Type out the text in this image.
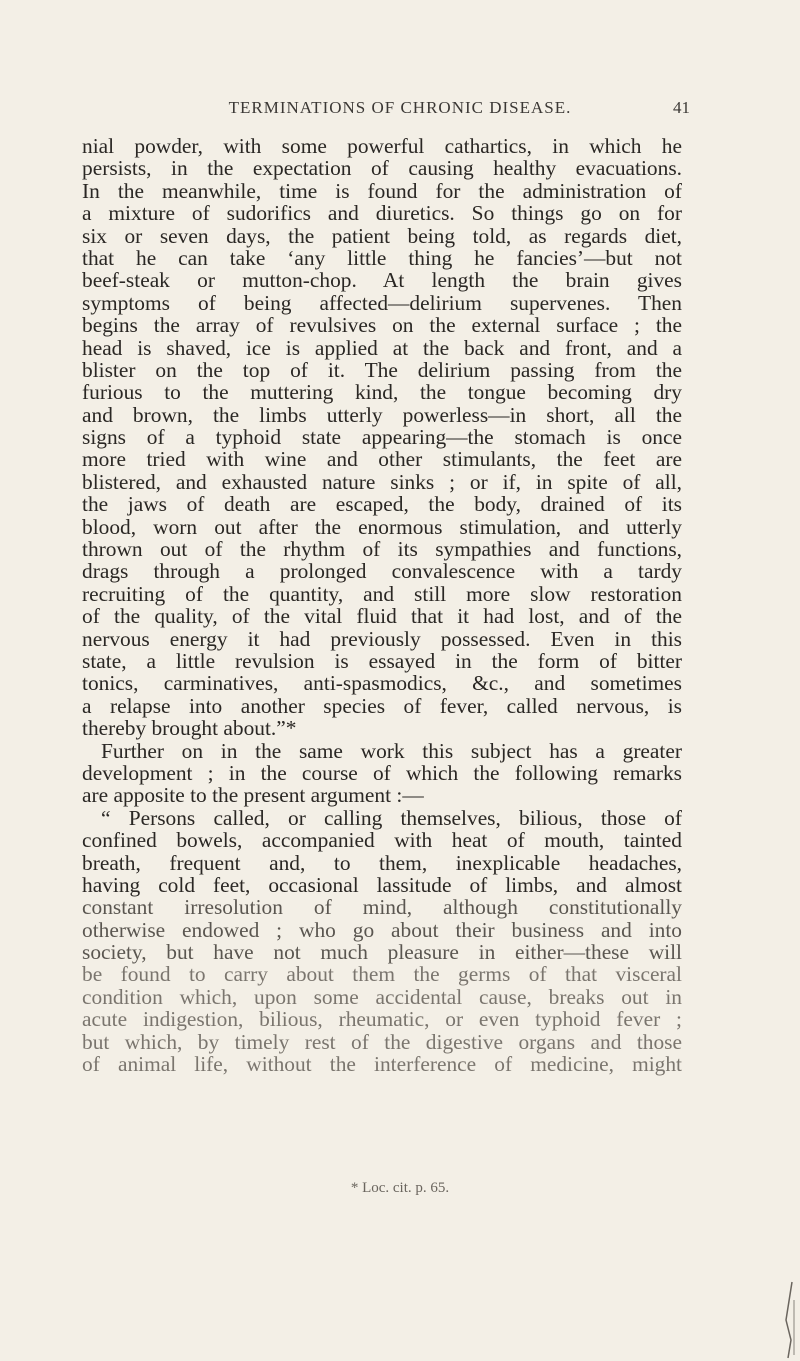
TERMINATIONS OF CHRONIC DISEASE.	41
nial powder, with some powerful cathartics, in which he
persists, in the expectation of causing healthy evacuations.
In the meanwhile, time is found for the administration of
a mixture of sudorifics and diuretics. So things go on for
six or seven days, the patient being told, as regards diet,
that he can take ‘any little thing he fancies’—but not
beef-steak or mutton-chop. At length the brain gives
symptoms of being affected—delirium supervenes. Then
begins the array of revulsives on the external surface ; the
head is shaved, ice is applied at the back and front, and a
blister on the top of it. The delirium passing from the
furious to the muttering kind, the tongue becoming dry
and brown, the limbs utterly powerless—in short, all the
signs of a typhoid state appearing—the stomach is once
more tried with wine and other stimulants, the feet are
blistered, and exhausted nature sinks ; or if, in spite of all,
the jaws of death are escaped, the body, drained of its
blood, worn out after the enormous stimulation, and utterly
thrown out of the rhythm of its sympathies and functions,
drags through a prolonged convalescence with a tardy
recruiting of the quantity, and still more slow restoration
of the quality, of the vital fluid that it had lost, and of the
nervous energy it had previously possessed. Even in this
state, a little revulsion is essayed in the form of bitter
tonics, carminatives, anti-spasmodics, &c., and sometimes
a relapse into another species of fever, called nervous, is
thereby brought about.”*
Further on in the same work this subject has a greater
development ; in the course of which the following remarks
are apposite to the present argument :—
“ Persons called, or calling themselves, bilious, those of
confined bowels, accompanied with heat of mouth, tainted
breath, frequent and, to them, inexplicable headaches,
having cold feet, occasional lassitude of limbs, and almost
constant irresolution of mind, although constitutionally
otherwise endowed ; who go about their business and into
society, but have not much pleasure in either—these will
be found to carry about them the germs of that visceral
condition which, upon some accidental cause, breaks out in
acute indigestion, bilious, rheumatic, or even typhoid fever ;
but which, by timely rest of the digestive organs and those
of animal life, without the interference of medicine, might
* Loc. cit. p. 65.
